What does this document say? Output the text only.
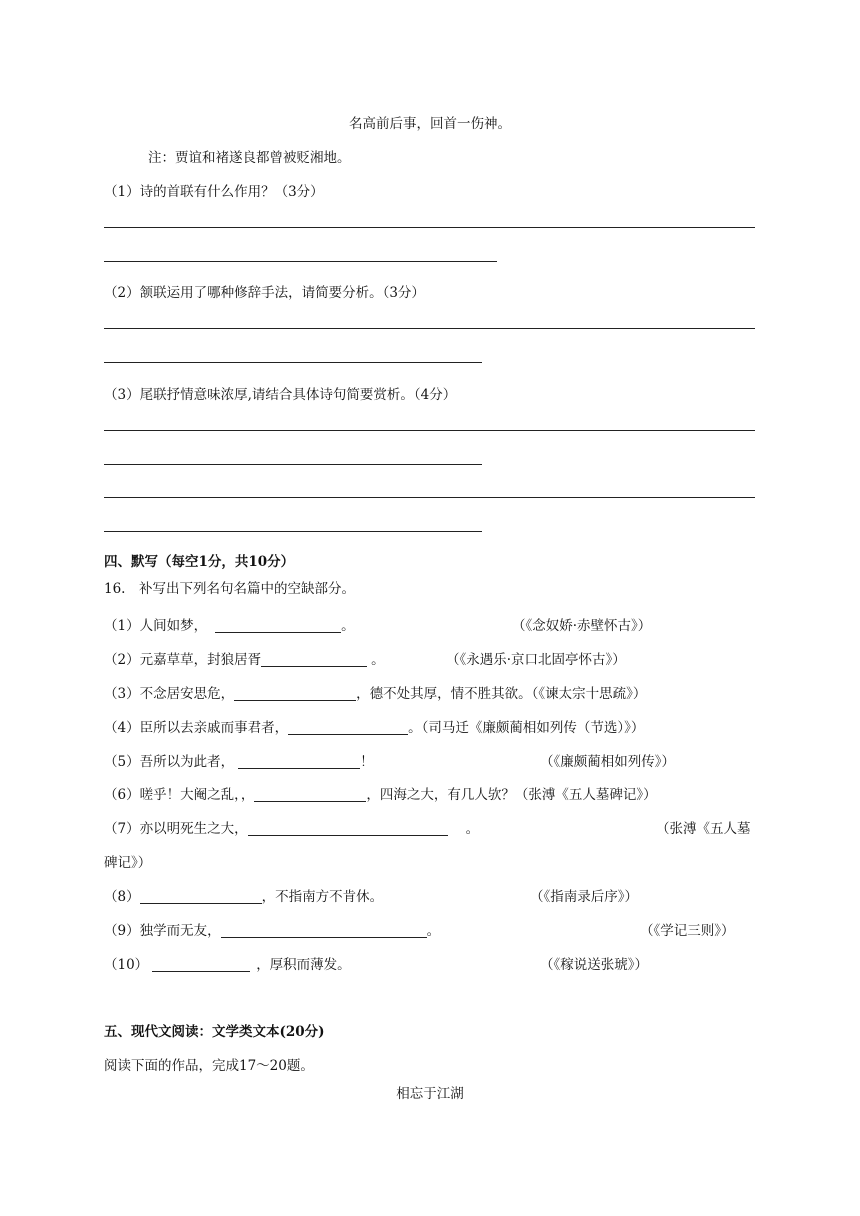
名高前后事，回首一伤神。
注：贾谊和褚遂良都曾被贬湘地。
（1）诗的首联有什么作用？（3分）
（2）颔联运用了哪种修辞手法，请简要分析。（3分）
（3）尾联抒情意味浓厚,请结合具体诗句简要赏析。（4分）
四、默写（每空1分，共10分）
16.　补写出下列名句名篇中的空缺部分。
（1）人间如梦，	。	（《念奴娇·赤壁怀古》）
（2）元嘉草草，封狼居胥	。	（《永遇乐·京口北固亭怀古》）
（3）不念居安思危，	，德不处其厚，情不胜其欲。（《谏太宗十思疏》）
（4）臣所以去亲戚而事君者，	。（司马迁《廉颇蔺相如列传（节选）》）
（5）吾所以为此者，	！	（《廉颇蔺相如列传》）
（6）嗟乎！大阉之乱，，	，四海之大，有几人欤？（张溥《五人墓碑记》）
（7）亦以明死生之大，	。	（张溥《五人墓
碑记》）
（8）	，不指南方不肯休。	（《指南录后序》）
（9）独学而无友，	。	（《学记三则》）
（10）	，厚积而薄发。	（《稼说送张琥》）
五、现代文阅读：文学类文本(20分)
阅读下面的作品，完成17～20题。
相忘于江湖
